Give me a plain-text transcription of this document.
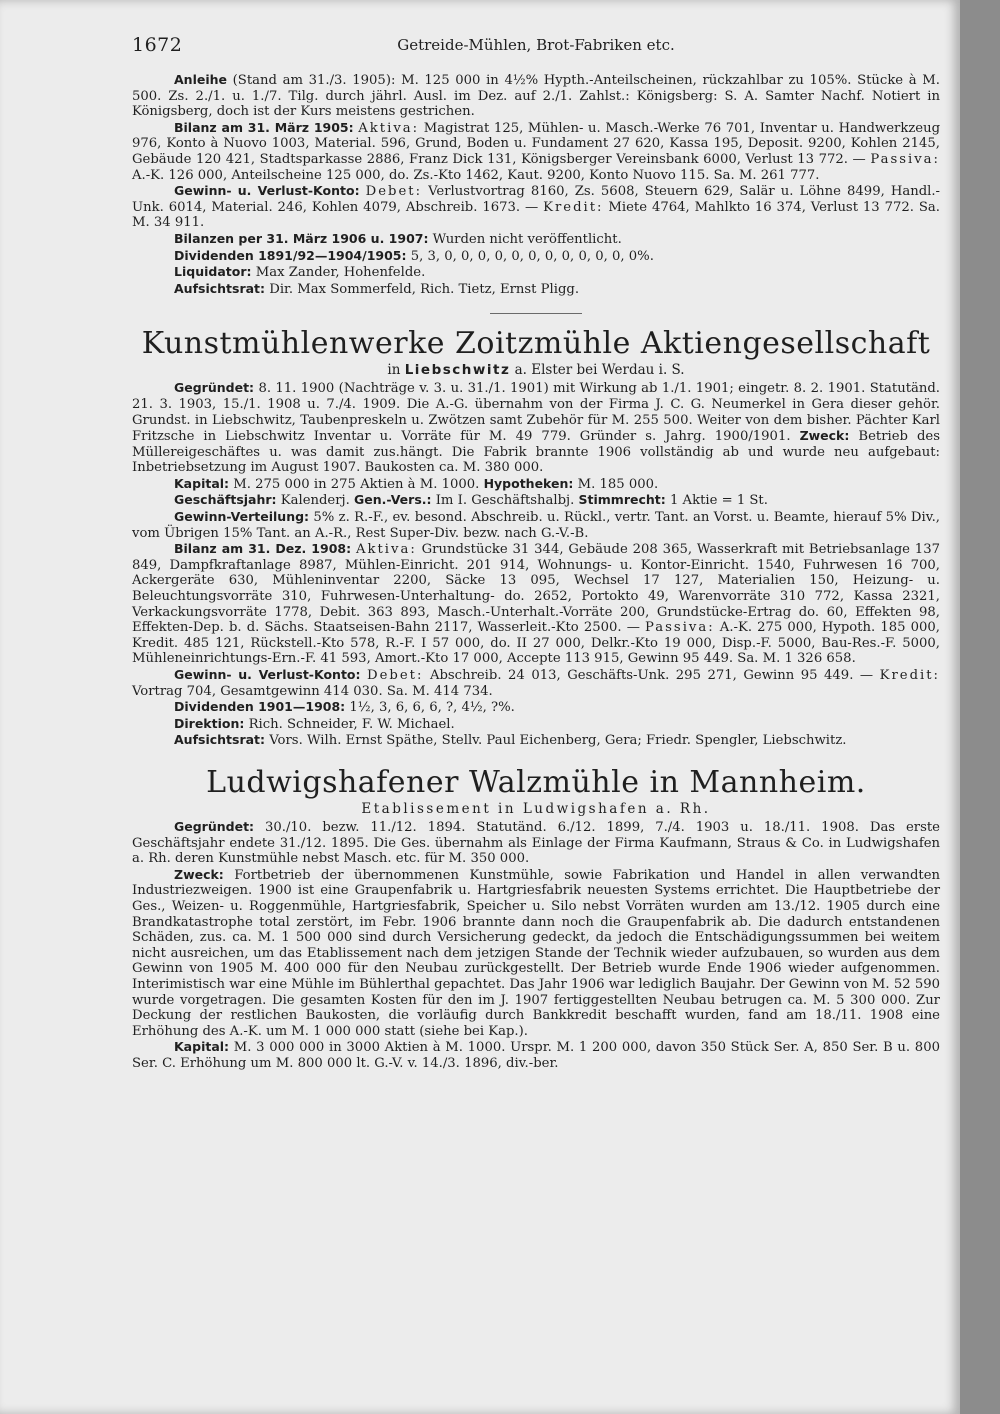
1672	Getreide-Mühlen, Brot-Fabriken etc.

Anleihe (Stand am 31./3. 1905): M. 125 000 in 4½% Hypth.-Anteilscheinen, rückzahlbar zu 105%. Stücke à M. 500. Zs. 2./1. u. 1./7. Tilg. durch jährl. Ausl. im Dez. auf 2./1. Zahlst.: Königsberg: S. A. Samter Nachf. Notiert in Königsberg, doch ist der Kurs meistens gestrichen.

Bilanz am 31. März 1905: Aktiva: Magistrat 125, Mühlen- u. Masch.-Werke 76 701, Inventar u. Handwerkzeug 976, Konto à Nuovo 1003, Material. 596, Grund, Boden u. Fundament 27 620, Kassa 195, Deposit. 9200, Kohlen 2145, Gebäude 120 421, Stadtsparkasse 2886, Franz Dick 131, Königsberger Vereinsbank 6000, Verlust 13 772. — Passiva: A.-K. 126 000, Anteilscheine 125 000, do. Zs.-Kto 1462, Kaut. 9200, Konto Nuovo 115. Sa. M. 261 777.

Gewinn- u. Verlust-Konto: Debet: Verlustvortrag 8160, Zs. 5608, Steuern 629, Salär u. Löhne 8499, Handl.-Unk. 6014, Material. 246, Kohlen 4079, Abschreib. 1673. — Kredit: Miete 4764, Mahlkto 16 374, Verlust 13 772. Sa. M. 34 911.

Bilanzen per 31. März 1906 u. 1907: Wurden nicht veröffentlicht.

Dividenden 1891/92—1904/1905: 5, 3, 0, 0, 0, 0, 0, 0, 0, 0, 0, 0, 0, 0%.

Liquidator: Max Zander, Hohenfelde.

Aufsichtsrat: Dir. Max Sommerfeld, Rich. Tietz, Ernst Pligg.

Kunstmühlenwerke Zoitzmühle Aktiengesellschaft
in Liebschwitz a. Elster bei Werdau i. S.

Gegründet: 8. 11. 1900 (Nachträge v. 3. u. 31./1. 1901) mit Wirkung ab 1./1. 1901; eingetr. 8. 2. 1901. Statutänd. 21. 3. 1903, 15./1. 1908 u. 7./4. 1909. Die A.-G. übernahm von der Firma J. C. G. Neumerkel in Gera dieser gehör. Grundst. in Liebschwitz, Taubenpreskeln u. Zwötzen samt Zubehör für M. 255 500. Weiter von dem bisher. Pächter Karl Fritzsche in Liebschwitz Inventar u. Vorräte für M. 49 779. Gründer s. Jahrg. 1900/1901. Zweck: Betrieb des Müllereigeschäftes u. was damit zus.hängt. Die Fabrik brannte 1906 vollständig ab und wurde neu aufgebaut: Inbetriebsetzung im August 1907. Baukosten ca. M. 380 000.

Kapital: M. 275 000 in 275 Aktien à M. 1000. Hypotheken: M. 185 000.

Geschäftsjahr: Kalenderj. Gen.-Vers.: Im I. Geschäftshalbj. Stimmrecht: 1 Aktie = 1 St.

Gewinn-Verteilung: 5% z. R.-F., ev. besond. Abschreib. u. Rückl., vertr. Tant. an Vorst. u. Beamte, hierauf 5% Div., vom Übrigen 15% Tant. an A.-R., Rest Super-Div. bezw. nach G.-V.-B.

Bilanz am 31. Dez. 1908: Aktiva: Grundstücke 31 344, Gebäude 208 365, Wasserkraft mit Betriebsanlage 137 849, Dampfkraftanlage 8987, Mühlen-Einricht. 201 914, Wohnungs- u. Kontor-Einricht. 1540, Fuhrwesen 16 700, Ackergeräte 630, Mühleninventar 2200, Säcke 13 095, Wechsel 17 127, Materialien 150, Heizung- u. Beleuchtungsvorräte 310, Fuhrwesen-Unterhaltung- do. 2652, Portokto 49, Warenvorräte 310 772, Kassa 2321, Verkackungsvorräte 1778, Debit. 363 893, Masch.-Unterhalt.-Vorräte 200, Grundstücke-Ertrag do. 60, Effekten 98, Effekten-Dep. b. d. Sächs. Staatseisen-Bahn 2117, Wasserleit.-Kto 2500. — Passiva: A.-K. 275 000, Hypoth. 185 000, Kredit. 485 121, Rückstell.-Kto 578, R.-F. I 57 000, do. II 27 000, Delkr.-Kto 19 000, Disp.-F. 5000, Bau-Res.-F. 5000, Mühleneinrichtungs-Ern.-F. 41 593, Amort.-Kto 17 000, Accepte 113 915, Gewinn 95 449. Sa. M. 1 326 658.

Gewinn- u. Verlust-Konto: Debet: Abschreib. 24 013, Geschäfts-Unk. 295 271, Gewinn 95 449. — Kredit: Vortrag 704, Gesamtgewinn 414 030. Sa. M. 414 734.

Dividenden 1901—1908: 1½, 3, 6, 6, 6, ?, 4½, ?%.

Direktion: Rich. Schneider, F. W. Michael.

Aufsichtsrat: Vors. Wilh. Ernst Späthe, Stellv. Paul Eichenberg, Gera; Friedr. Spengler, Liebschwitz.

Ludwigshafener Walzmühle in Mannheim.
Etablissement in Ludwigshafen a. Rh.

Gegründet: 30./10. bezw. 11./12. 1894. Statutänd. 6./12. 1899, 7./4. 1903 u. 18./11. 1908. Das erste Geschäftsjahr endete 31./12. 1895. Die Ges. übernahm als Einlage der Firma Kaufmann, Straus & Co. in Ludwigshafen a. Rh. deren Kunstmühle nebst Masch. etc. für M. 350 000.

Zweck: Fortbetrieb der übernommenen Kunstmühle, sowie Fabrikation und Handel in allen verwandten Industriezweigen. 1900 ist eine Graupenfabrik u. Hartgriesfabrik neuesten Systems errichtet. Die Hauptbetriebe der Ges., Weizen- u. Roggenmühle, Hartgriesfabrik, Speicher u. Silo nebst Vorräten wurden am 13./12. 1905 durch eine Brandkatastrophe total zerstört, im Febr. 1906 brannte dann noch die Graupenfabrik ab. Die dadurch entstandenen Schäden, zus. ca. M. 1 500 000 sind durch Versicherung gedeckt, da jedoch die Entschädigungssummen bei weitem nicht ausreichen, um das Etablissement nach dem jetzigen Stande der Technik wieder aufzubauen, so wurden aus dem Gewinn von 1905 M. 400 000 für den Neubau zurückgestellt. Der Betrieb wurde Ende 1906 wieder aufgenommen. Interimistisch war eine Mühle im Bühlerthal gepachtet. Das Jahr 1906 war lediglich Baujahr. Der Gewinn von M. 52 590 wurde vorgetragen. Die gesamten Kosten für den im J. 1907 fertiggestellten Neubau betrugen ca. M. 5 300 000. Zur Deckung der restlichen Baukosten, die vorläufig durch Bankkredit beschafft wurden, fand am 18./11. 1908 eine Erhöhung des A.-K. um M. 1 000 000 statt (siehe bei Kap.).

Kapital: M. 3 000 000 in 3000 Aktien à M. 1000. Urspr. M. 1 200 000, davon 350 Stück Ser. A, 850 Ser. B u. 800 Ser. C. Erhöhung um M. 800 000 lt. G.-V. v. 14./3. 1896, div.-ber.
